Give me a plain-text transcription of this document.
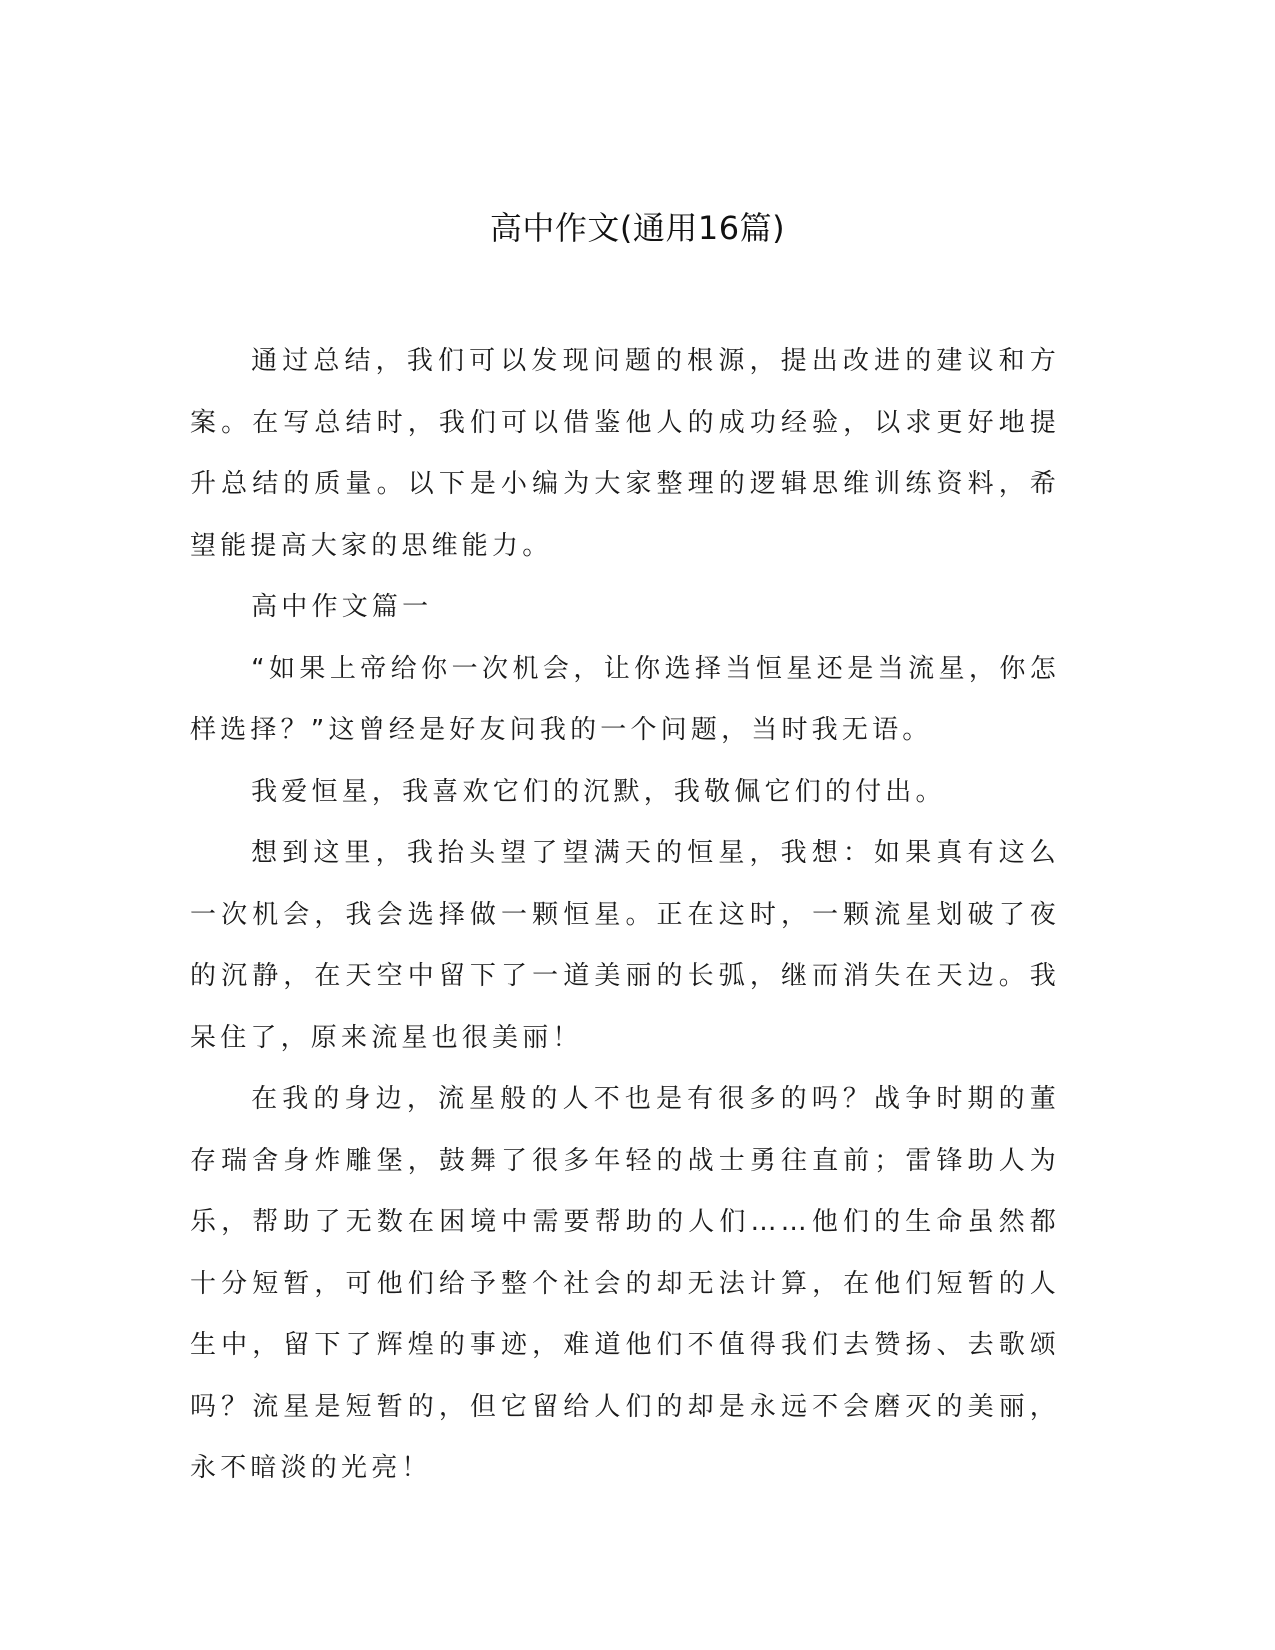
高中作文(通用16篇)

通过总结，我们可以发现问题的根源，提出改进的建议和方案。在写总结时，我们可以借鉴他人的成功经验，以求更好地提升总结的质量。以下是小编为大家整理的逻辑思维训练资料，希望能提高大家的思维能力。

高中作文篇一

“如果上帝给你一次机会，让你选择当恒星还是当流星，你怎样选择？”这曾经是好友问我的一个问题，当时我无语。

我爱恒星，我喜欢它们的沉默，我敬佩它们的付出。

想到这里，我抬头望了望满天的恒星，我想：如果真有这么一次机会，我会选择做一颗恒星。正在这时，一颗流星划破了夜的沉静，在天空中留下了一道美丽的长弧，继而消失在天边。我呆住了，原来流星也很美丽！

在我的身边，流星般的人不也是有很多的吗？战争时期的董存瑞舍身炸雕堡，鼓舞了很多年轻的战士勇往直前；雷锋助人为乐，帮助了无数在困境中需要帮助的人们……他们的生命虽然都十分短暂，可他们给予整个社会的却无法计算，在他们短暂的人生中，留下了辉煌的事迹，难道他们不值得我们去赞扬、去歌颂吗？流星是短暂的，但它留给人们的却是永远不会磨灭的美丽，永不暗淡的光亮！
